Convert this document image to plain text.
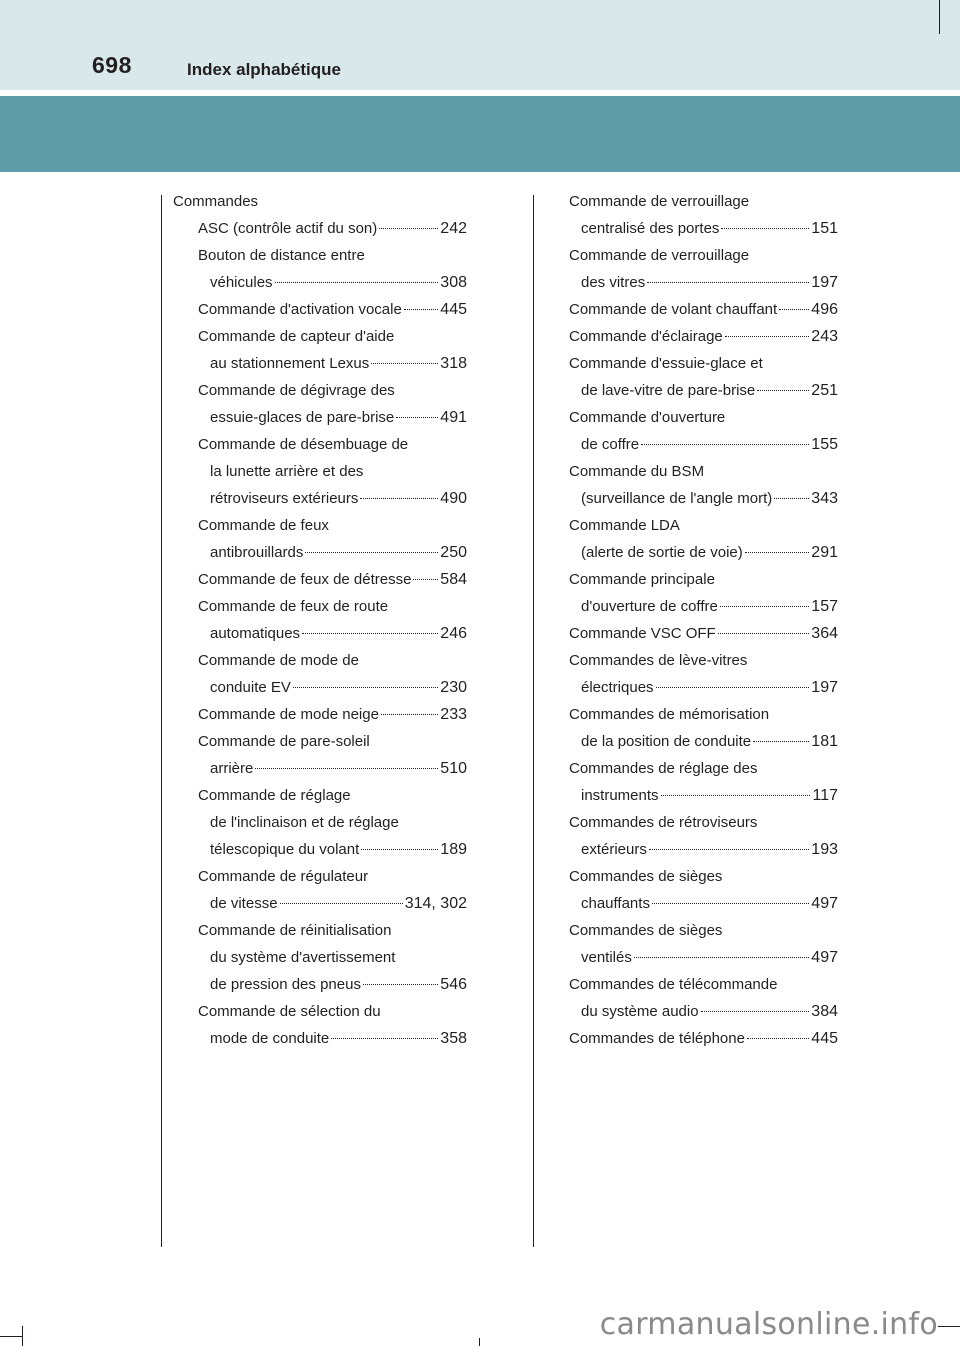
698	Index alphabétique
Commandes
ASC (contrôle actif du son)	242
Bouton de distance entre
véhicules	308
Commande d'activation vocale 445
Commande de capteur d'aide
au stationnement Lexus	318
Commande de dégivrage des
essuie-glaces de pare-brise	491
Commande de désembuage de
la lunette arrière et des
rétroviseurs extérieurs	490
Commande de feux
antibrouillards	250
Commande de feux de détresse 584
Commande de feux de route
automatiques	246
Commande de mode de
conduite EV	230
Commande de mode neige	233
Commande de pare-soleil
arrière	510
Commande de réglage
de l'inclinaison et de réglage
télescopique du volant	189
Commande de régulateur
de vitesse	314, 302
Commande de réinitialisation
du système d'avertissement
de pression des pneus	546
Commande de sélection du
mode de conduite	358
Commande de verrouillage
centralisé des portes	151
Commande de verrouillage
des vitres	197
Commande de volant chauffant 496
Commande d'éclairage	243
Commande d'essuie-glace et
de lave-vitre de pare-brise	251
Commande d'ouverture
de coffre	155
Commande du BSM
(surveillance de l'angle mort) 343
Commande LDA
(alerte de sortie de voie)	291
Commande principale
d'ouverture de coffre	157
Commande VSC OFF	364
Commandes de lève-vitres
électriques	197
Commandes de mémorisation
de la position de conduite	181
Commandes de réglage des
instruments	117
Commandes de rétroviseurs
extérieurs	193
Commandes de sièges
chauffants	497
Commandes de sièges
ventilés	497
Commandes de télécommande
du système audio	384
Commandes de téléphone	445
carmanualsonline.info
